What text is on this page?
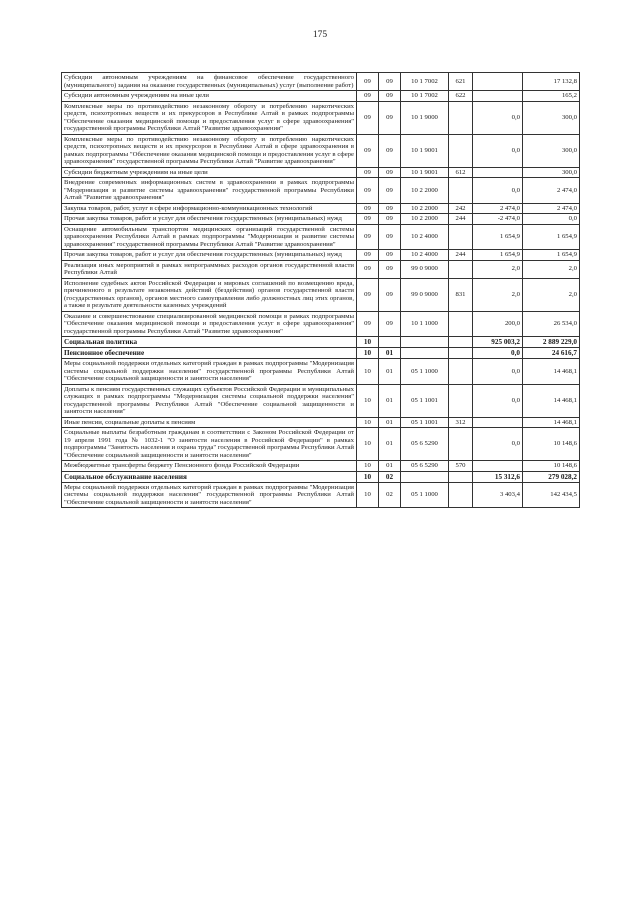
175
Субсидии автономным учреждениям на финансовое обеспечение государственного (муниципального) задания на оказание государственных (муниципальных) услуг (выполнение работ)	09	09	10 1 7002	621		17 132,8
Субсидии автономным учреждениям на иные цели	09	09	10 1 7002	622		165,2
Комплексные меры по противодействию незаконному обороту и потреблению наркотических средств, психотропных веществ и их прекурсоров в Республике Алтай в рамках подпрограммы "Обеспечение оказания медицинской помощи и предоставления услуг в сфере здравоохранения" государственной программы Республики Алтай "Развитие здравоохранения"	09	09	10 1 9000		0,0	300,0
Комплексные меры по противодействию незаконному обороту и потреблению наркотических средств, психотропных веществ и их прекурсоров в Республике Алтай в сфере здравоохранения в рамках подпрограммы "Обеспечение оказания медицинской помощи и предоставления услуг в сфере здравоохранения" государственной программы Республики Алтай "Развитие здравоохранения"	09	09	10 1 9001		0,0	300,0
Субсидии бюджетным учреждениям на иные цели	09	09	10 1 9001	612		300,0
Внедрение современных информационных систем в здравоохранении в рамках подпрограммы "Модернизация и развитие системы здравоохранения" государственной программы Республики Алтай "Развитие здравоохранения"	09	09	10 2 2000		0,0	2 474,0
Закупка товаров, работ, услуг в сфере информационно-коммуникационных технологий	09	09	10 2 2000	242	2 474,0	2 474,0
Прочая закупка товаров, работ и услуг для обеспечения государственных (муниципальных) нужд	09	09	10 2 2000	244	-2 474,0	0,0
Оснащение автомобильным транспортом медицинских организаций государственной системы здравоохранения Республики Алтай в рамках подпрограммы "Модернизация и развитие системы здравоохранения" государственной программы Республики Алтай "Развитие здравоохранения"	09	09	10 2 4000		1 654,9	1 654,9
Прочая закупка товаров, работ и услуг для обеспечения государственных (муниципальных) нужд	09	09	10 2 4000	244	1 654,9	1 654,9
Реализация иных мероприятий в рамках непрограммных расходов органов государственной власти Республики Алтай	09	09	99 0 9000		2,0	2,0
Исполнение судебных актов Российской Федерации и мировых соглашений по возмещению вреда, причиненного в результате незаконных действий (бездействия) органов государственной власти (государственных органов), органов местного самоуправления либо должностных лиц этих органов, а также в результате деятельности казенных учреждений	09	09	99 0 9000	831	2,0	2,0
Оказание и совершенствование специализированной медицинской помощи в рамках подпрограммы "Обеспечение оказания медицинской помощи и предоставления услуг в сфере здравоохранения" государственной программы Республики Алтай "Развитие здравоохранения"	09	09	10 1 1000		200,0	26 534,0
Социальная политика	10				925 003,2	2 889 229,0
Пенсионное обеспечение	10	01			0,0	24 616,7
Меры социальной поддержки отдельных категорий граждан в рамках подпрограммы "Модернизация системы социальной поддержки населения" государственной программы Республики Алтай "Обеспечение социальной защищенности и занятости населения"	10	01	05 1 1000		0,0	14 468,1
Доплаты к пенсиям государственных служащих субъектов Российской Федерации и муниципальных служащих в рамках подпрограммы "Модернизация системы социальной поддержки населения" государственной программы Республики Алтай "Обеспечение социальной защищенности и занятости населения"	10	01	05 1 1001		0,0	14 468,1
Иные пенсии, социальные доплаты к пенсиям	10	01	05 1 1001	312		14 468,1
Социальные выплаты безработным гражданам в соответствии с Законом Российской Федерации от 19 апреля 1991 года № 1032-1 "О занятости населения в Российской Федерации" в рамках подпрограммы "Занятость населения и охрана труда" государственной программы Республики Алтай "Обеспечение социальной защищенности и занятости населения"	10	01	05 6 5290		0,0	10 148,6
Межбюджетные трансферты бюджету Пенсионного фонда Российской Федерации	10	01	05 6 5290	570		10 148,6
Социальное обслуживание населения	10	02			15 312,6	279 028,2
Меры социальной поддержки отдельных категорий граждан в рамках подпрограммы "Модернизация системы социальной поддержки населения" государственной программы Республики Алтай "Обеспечение социальной защищенности и занятости населения"	10	02	05 1 1000		3 403,4	142 434,5
